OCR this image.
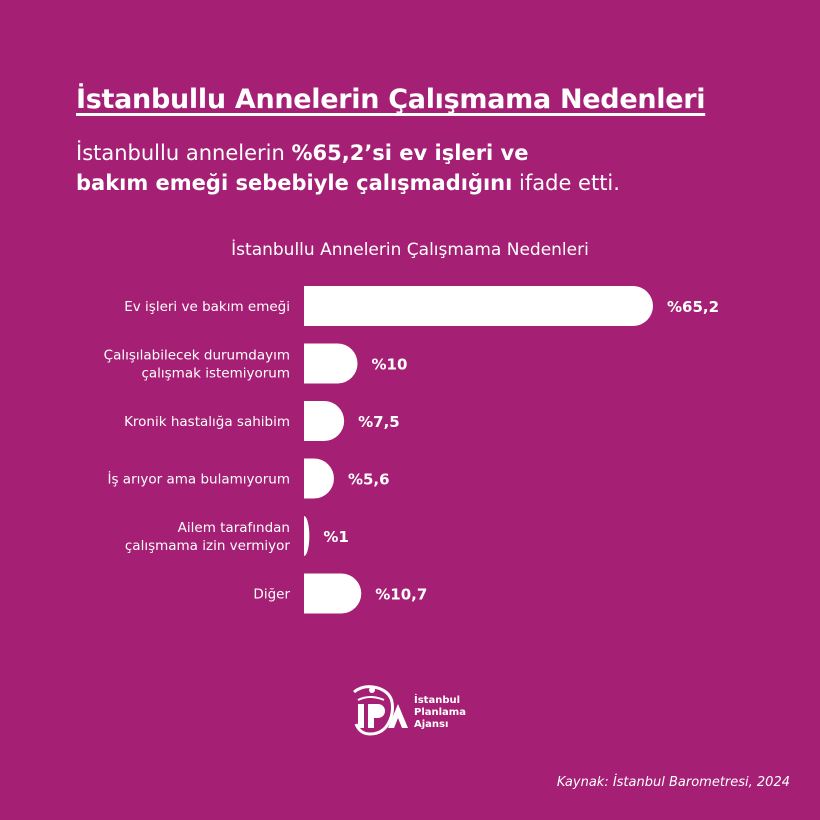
İstanbullu Annelerin Çalışmama Nedenleri
İstanbullu annelerin %65,2’si ev işleri ve
bakım emeği sebebiyle çalışmadığını ifade etti.
İstanbullu Annelerin Çalışmama Nedenleri
%65,2
Ev işleri ve bakım emeği
%10
Çalışılabilecek durumdayım
çalışmak istemiyorum
%7,5
Kronik hastalığa sahibim
%5,6
İş arıyor ama bulamıyorum
%1
Ailem tarafından
çalışmama izin vermiyor
%10,7
Diğer
İstanbul
Planlama
Ajansı
Kaynak: İstanbul Barometresi, 2024
